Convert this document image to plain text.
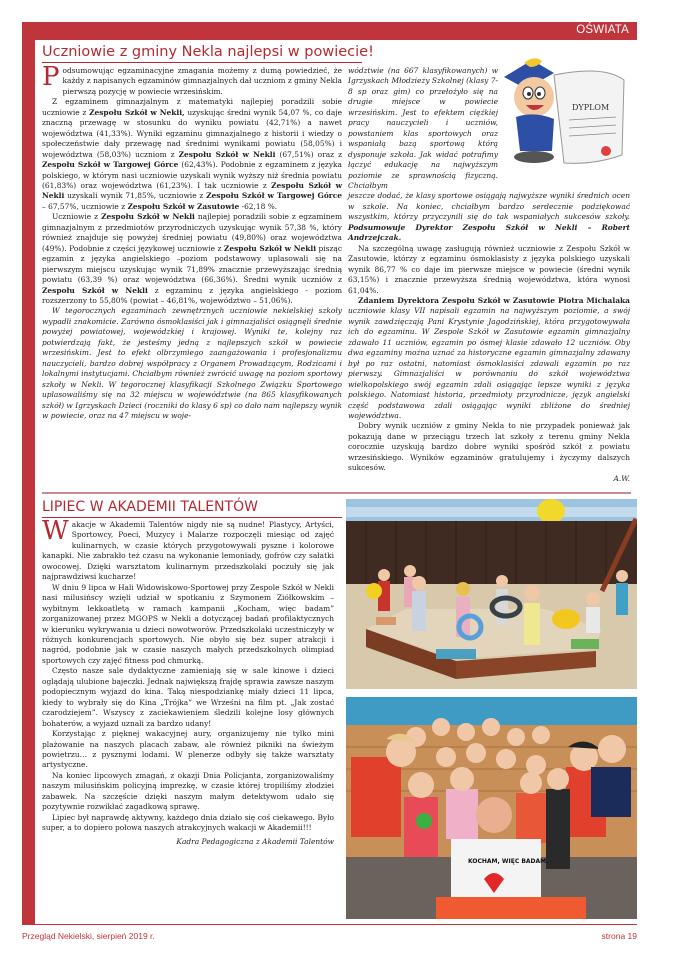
OŚWIATA
Uczniowie z gminy Nekla najlepsi w powiecie!

Podsumowując egzaminacyjne zmagania możemy z dumą powiedzieć, że każdy z napisanych egzaminów gimnazjalnych dał uczniom z gminy Nekla pierwszą pozycję w powiecie wrzesińskim.

Z egzaminem gimnazjalnym z matematyki najlepiej poradzili sobie uczniowie z Zespołu Szkół w Nekli, uzyskując średni wynik 54,07 %, co daje znaczną przewagę w stosunku do wyniku powiatu (42,71%) a nawet województwa (41,33%). Wyniki egzaminu gimnazjalnego z historii i wiedzy o społeczeństwie dały przewagę nad średnimi wynikami powiatu (58,05%) i województwa (58,03%) uczniom z Zespołu Szkół w Nekli (67,51%) oraz z Zespołu Szkół w Targowej Górce (62,43%). Podobnie z egzaminem z języka polskiego, w którym nasi uczniowie uzyskali wynik wyższy niż średnia powiatu (61,83%) oraz województwa (61,23%). I tak uczniowie z Zespołu Szkół w Nekli uzyskali wynik 71,85%, uczniowie z Zespołu Szkół w Targowej Górce – 67,57%, uczniowie z Zespołu Szkół w Zasutowie -62,18 %.

Uczniowie z Zespołu Szkół w Nekli najlepiej poradzili sobie z egzaminem gimnazjalnym z przedmiotów przyrodniczych uzyskując wynik 57,38 %, który również znajduje się powyżej średniej powiatu (49,80%) oraz województwa (49%). Podobnie z części językowej uczniowie z Zespołu Szkół w Nekli pisząc egzamin z języka angielskiego –poziom podstawowy uplasowali się na pierwszym miejscu uzyskując wynik 71,89% znacznie przewyższając średnią powiatu (63,39 %) oraz województwa (66,36%). Średni wynik uczniów z Zespołu Szkół w Nekli z egzaminu z języka angielskiego - poziom rozszerzony to 55,80% (powiat – 46,81%, województwo – 51,06%).

W tegorocznych egzaminach zewnętrznych uczniowie nekielskiej szkoły wypadli znakomicie. Zarówno ósmoklasiści jak i gimnazjaliści osiągnęli średnie powyżej powiatowej, wojewódzkiej i krajowej. Wyniki te, kolejny raz potwierdzają fakt, że jesteśmy jedną z najlepszych szkół w powiecie wrzesińskim. Jest to efekt olbrzymiego zaangażowania i profesjonalizmu nauczycieli, bardzo dobrej współpracy z Organem Prowadzącym, Rodzicami i lokalnymi instytucjami. Chciałbym również zwrócić uwagę na poziom sportowy szkoły w Nekli. W tegorocznej klasyfikacji Szkolnego Związku Sportowego uplasowaliśmy się na 32 miejscu w województwie (na 865 klasyfikowanych szkół) w Igrzyskach Dzieci (roczniki do klasy 6 sp) co dało nam najlepszy wynik w powiecie, oraz na 47 miejscu w woje-

DYPLOM

wództwie (na 667 klasyfikowanych) w Igrzyskach Młodzieży Szkolnej (klasy 7-8 sp oraz gim) co przełożyło się na drugie miejsce w powiecie wrzesińskim. Jest to efektem ciężkiej pracy nauczycieli i uczniów, powstaniem klas sportowych oraz wspaniałą bazą sportową którą dysponuje szkoła. Jak widać potrafimy łączyć edukację na najwyższym poziomie ze sprawnością fizyczną. Chciałbym

jeszcze dodać, że klasy sportowe osiągają najwyższe wyniki średnich ocen w szkole. Na koniec, chciałbym bardzo serdecznie podziękować wszystkim, którzy przyczynili się do tak wspaniałych sukcesów szkoły. Podsumowuje Dyrektor Zespołu Szkół w Nekli – Robert Andrzejczak.

Na szczególną uwagę zasługują również uczniowie z Zespołu Szkół w Zasutowie, którzy z egzaminu ósmoklasisty z języka polskiego uzyskali wynik 86,77 % co daje im pierwsze miejsce w powiecie (średni wynik 63,15%) i znacznie przewyższa średnią województwa, która wynosi 61,04%.

Zdaniem Dyrektora Zespołu Szkół w Zasutowie Piotra Michalaka uczniowie klasy VII napisali egzamin na najwyższym poziomie, a swój wynik zawdzięczają Pani Krystynie Jagodzińskiej, która przygotowywała ich do egzaminu. W Zespole Szkół w Zasutowie egzamin gimnazjalny zdawało 11 uczniów, egzamin po ósmej klasie zdawało 12 uczniów. Oby dwa egzaminy można uznać za historyczne egzamin gimnazjalny zdawany był po raz ostatni, natomiast ósmoklasiści zdawali egzamin po raz pierwszy. Gimnazjaliści w porównaniu do szkół województwa wielkopolskiego swój egzamin zdali osiągając lepsze wyniki z języka polskiego. Natomiast historia, przedmioty przyrodnicze, język angielski część podstawowa zdali osiągając wyniki zbliżone do średniej województwa.

Dobry wynik uczniów z gminy Nekla to nie przypadek ponieważ jak pokazują dane w przeciągu trzech lat szkoły z terenu gminy Nekla corocznie uzyskują bardzo dobre wyniki spośród szkół z powiatu wrzesińskiego. Wyników egzaminów gratulujemy i życzymy dalszych sukcesów.

A.W.

LIPIEC W AKADEMII TALENTÓW

Wakacje w Akademii Talentów nigdy nie są nudne! Plastycy, Artyści, Sportowcy, Poeci, Muzycy i Malarze rozpoczęli miesiąc od zajęć kulinarnych, w czasie których przygotowywali pyszne i kolorowe kanapki. Nie zabrakło też czasu na wykonanie lemoniady, gofrów czy sałatki owocowej. Dzięki warsztatom kulinarnym przedszkolaki poczuły się jak najprawdziwsi kucharze!

W dniu 9 lipca w Hali Widowiskowo-Sportowej przy Zespole Szkół w Nekli nasi milusińscy wzięli udział w spotkaniu z Szymonem Ziółkowskim – wybitnym lekkoatletą w ramach kampanii „Kocham, więc badam” zorganizowanej przez MGOPS w Nekli a dotyczącej badań profilaktycznych w kierunku wykrywania u dzieci nowotworów. Przedszkolaki uczestniczyły w różnych konkurencjach sportowych. Nie obyło się bez super atrakcji i nagród, podobnie jak w czasie naszych małych przedszkolnych olimpiad sportowych czy zajęć fitness pod chmurką.

Często nasze sale dydaktyczne zamieniają się w sale kinowe i dzieci oglądają ulubione bajeczki. Jednak największą frajdę sprawia zawsze naszym podopiecznym wyjazd do kina. Taką niespodziankę miały dzieci 11 lipca, kiedy to wybrały się do Kina „Trójka” we Wrześni na film pt. „Jak zostać czarodziejem”. Wszyscy z zaciekawieniem śledzili kolejne losy głównych bohaterów, a wyjazd uznali za bardzo udany!

Korzystając z pięknej wakacyjnej aury, organizujemy nie tylko mini plażowanie na naszych placach zabaw, ale również pikniki na świeżym powietrzu… z pysznymi lodami. W plenerze odbyły się także warsztaty artystyczne.

Na koniec lipcowych zmagań, z okazji Dnia Policjanta, zorganizowaliśmy naszym milusińskim policyjną imprezkę, w czasie której tropiliśmy złodziei zabawek. Na szczęście dzięki naszym małym detektywom udało się pozytywnie rozwikłać zagadkową sprawę.

Lipiec był naprawdę aktywny, każdego dnia działo się coś ciekawego. Było super, a to dopiero połowa naszych atrakcyjnych wakacji w Akademii!!!

Kadra Pedagogiczna z Akademii Talentów

KOCHAM, WIĘC BADAM.
Przegląd Nekielski, sierpień 2019 r.	strona 19
